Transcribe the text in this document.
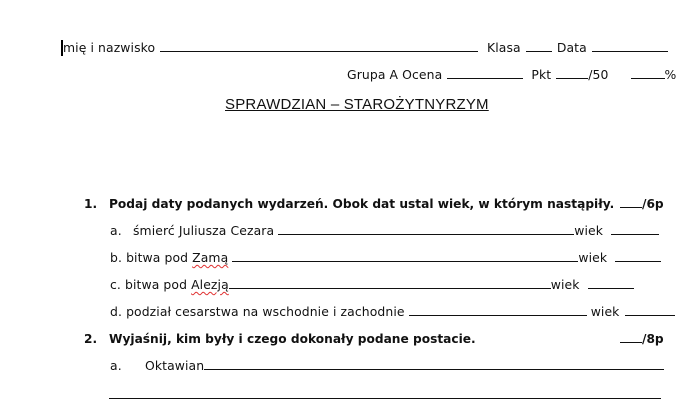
mię i nazwisko	Klasa	Data
Grupa A Ocena	Pkt	/50	%
SPRAWDZIAN – STAROŻYTNYRZYM
1. Podaj daty podanych wydarzeń. Obok dat ustal wiek, w którym nastąpiły.	/6p
a. śmierć Juliusza Cezara	wiek
b. bitwa pod Zamą	wiek
c. bitwa pod Alezją	wiek
d. podział cesarstwa na wschodnie i zachodnie	wiek
2. Wyjaśnij, kim były i czego dokonały podane postacie.	/8p
a. Oktawian
